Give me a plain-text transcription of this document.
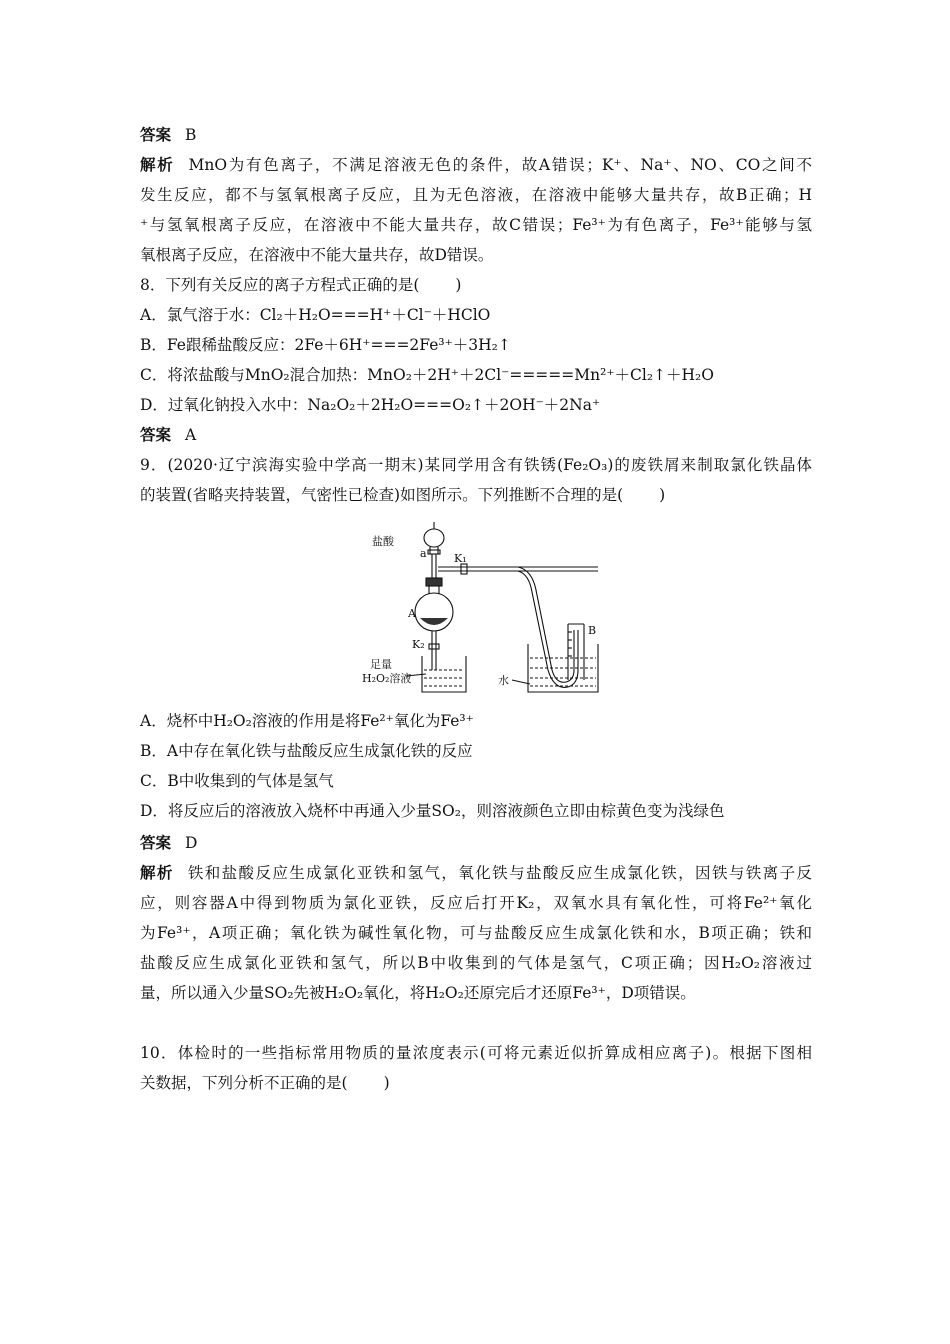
答案 B
解析 MnO为有色离子，不满足溶液无色的条件，故A错误；K⁺、Na⁺、NO、CO之间不
发生反应，都不与氢氧根离子反应，且为无色溶液，在溶液中能够大量共存，故B正确；H
⁺与氢氧根离子反应，在溶液中不能大量共存，故C错误；Fe³⁺为有色离子，Fe³⁺能够与氢
氧根离子反应，在溶液中不能大量共存，故D错误。
8．下列有关反应的离子方程式正确的是( )
A．氯气溶于水：Cl₂＋H₂O===H⁺＋Cl⁻＋HClO
B．Fe跟稀盐酸反应：2Fe＋6H⁺===2Fe³⁺＋3H₂↑
C．将浓盐酸与MnO₂混合加热：MnO₂＋2H⁺＋2Cl⁻=====Mn²⁺＋Cl₂↑＋H₂O
D．过氧化钠投入水中：Na₂O₂＋2H₂O===O₂↑＋2OH⁻＋2Na⁺
答案 A
9．(2020·辽宁滨海实验中学高一期末)某同学用含有铁锈(Fe₂O₃)的废铁屑来制取氯化铁晶体
的装置(省略夹持装置，气密性已检查)如图所示。下列推断不合理的是( )
盐酸
a K₁
A
K₂
足量
H₂O₂溶液	水
B
A．烧杯中H₂O₂溶液的作用是将Fe²⁺氧化为Fe³⁺
B．A中存在氧化铁与盐酸反应生成氯化铁的反应
C．B中收集到的气体是氢气
D．将反应后的溶液放入烧杯中再通入少量SO₂，则溶液颜色立即由棕黄色变为浅绿色
答案 D
解析 铁和盐酸反应生成氯化亚铁和氢气，氧化铁与盐酸反应生成氯化铁，因铁与铁离子反
应，则容器A中得到物质为氯化亚铁，反应后打开K₂，双氧水具有氧化性，可将Fe²⁺氧化
为Fe³⁺，A项正确；氧化铁为碱性氧化物，可与盐酸反应生成氯化铁和水，B项正确；铁和
盐酸反应生成氯化亚铁和氢气，所以B中收集到的气体是氢气，C项正确；因H₂O₂溶液过
量，所以通入少量SO₂先被H₂O₂氧化，将H₂O₂还原完后才还原Fe³⁺，D项错误。
10．体检时的一些指标常用物质的量浓度表示(可将元素近似折算成相应离子)。根据下图相
关数据，下列分析不正确的是( )
